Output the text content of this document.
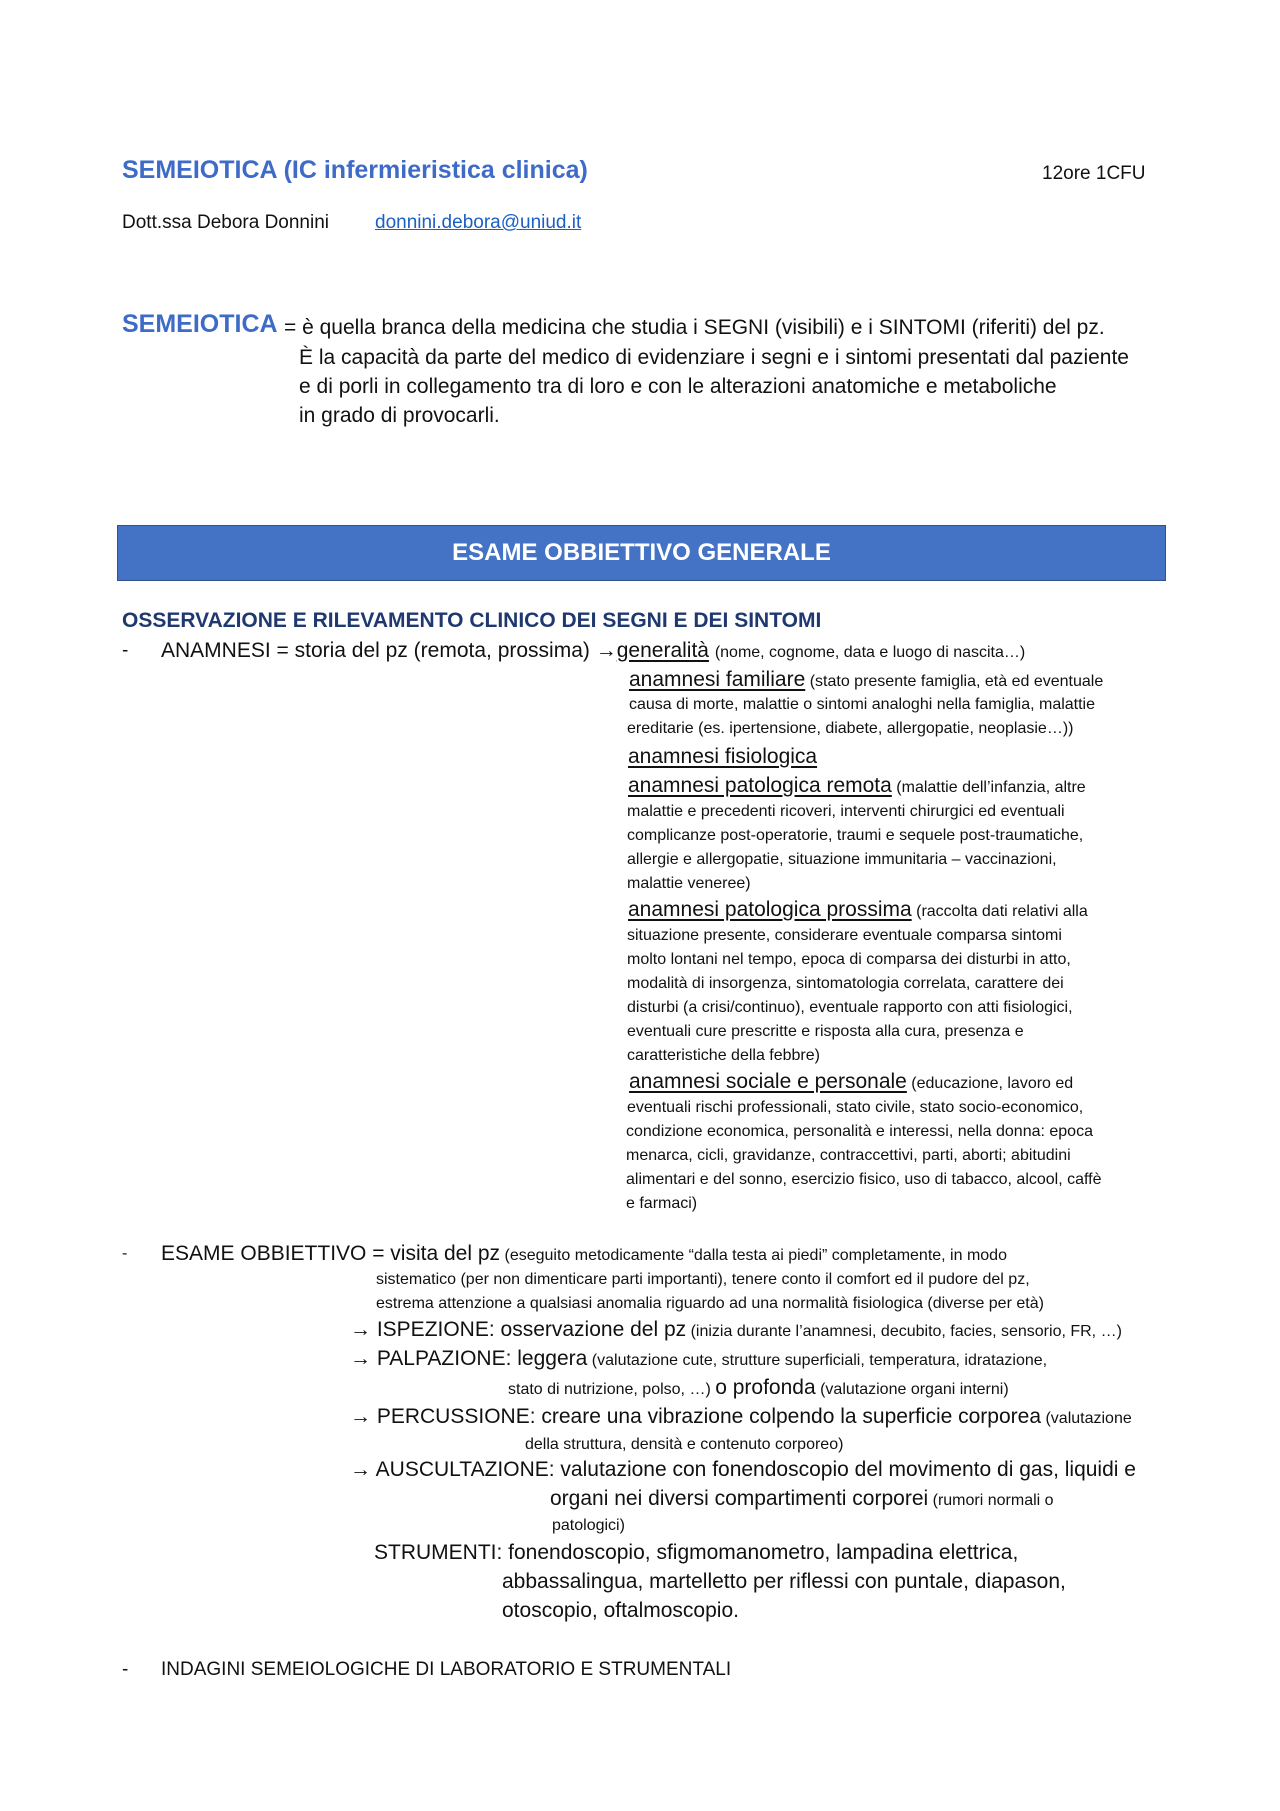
SEMEIOTICA (IC infermieristica clinica)	12ore 1CFU
Dott.ssa Debora Donnini donnini.debora@uniud.it
SEMEIOTICA = è quella branca della medicina che studia i SEGNI (visibili) e i SINTOMI (riferiti) del pz.
È la capacità da parte del medico di evidenziare i segni e i sintomi presentati dal paziente
e di porli in collegamento tra di loro e con le alterazioni anatomiche e metaboliche
in grado di provocarli.
ESAME OBBIETTIVO GENERALE
OSSERVAZIONE E RILEVAMENTO CLINICO DEI SEGNI E DEI SINTOMI
- ANAMNESI = storia del pz (remota, prossima) →generalità (nome, cognome, data e luogo di nascita…)
anamnesi familiare (stato presente famiglia, età ed eventuale
causa di morte, malattie o sintomi analoghi nella famiglia, malattie
ereditarie (es. ipertensione, diabete, allergopatie, neoplasie…))
anamnesi fisiologica
anamnesi patologica remota (malattie dell’infanzia, altre
malattie e precedenti ricoveri, interventi chirurgici ed eventuali
complicanze post-operatorie, traumi e sequele post-traumatiche,
allergie e allergopatie, situazione immunitaria – vaccinazioni,
malattie veneree)
anamnesi patologica prossima (raccolta dati relativi alla
situazione presente, considerare eventuale comparsa sintomi
molto lontani nel tempo, epoca di comparsa dei disturbi in atto,
modalità di insorgenza, sintomatologia correlata, carattere dei
disturbi (a crisi/continuo), eventuale rapporto con atti fisiologici,
eventuali cure prescritte e risposta alla cura, presenza e
caratteristiche della febbre)
anamnesi sociale e personale (educazione, lavoro ed
eventuali rischi professionali, stato civile, stato socio-economico,
condizione economica, personalità e interessi, nella donna: epoca
menarca, cicli, gravidanze, contraccettivi, parti, aborti; abitudini
alimentari e del sonno, esercizio fisico, uso di tabacco, alcool, caffè
e farmaci)
- ESAME OBBIETTIVO = visita del pz (eseguito metodicamente “dalla testa ai piedi” completamente, in modo
sistematico (per non dimenticare parti importanti), tenere conto il comfort ed il pudore del pz,
estrema attenzione a qualsiasi anomalia riguardo ad una normalità fisiologica (diverse per età)
→ ISPEZIONE: osservazione del pz (inizia durante l’anamnesi, decubito, facies, sensorio, FR, …)
→ PALPAZIONE: leggera (valutazione cute, strutture superficiali, temperatura, idratazione,
stato di nutrizione, polso, …) o profonda (valutazione organi interni)
→ PERCUSSIONE: creare una vibrazione colpendo la superficie corporea (valutazione
della struttura, densità e contenuto corporeo)
→ AUSCULTAZIONE: valutazione con fonendoscopio del movimento di gas, liquidi e
organi nei diversi compartimenti corporei (rumori normali o
patologici)
STRUMENTI: fonendoscopio, sfigmomanometro, lampadina elettrica,
abbassalingua, martelletto per riflessi con puntale, diapason,
otoscopio, oftalmoscopio.
- INDAGINI SEMEIOLOGICHE DI LABORATORIO E STRUMENTALI
